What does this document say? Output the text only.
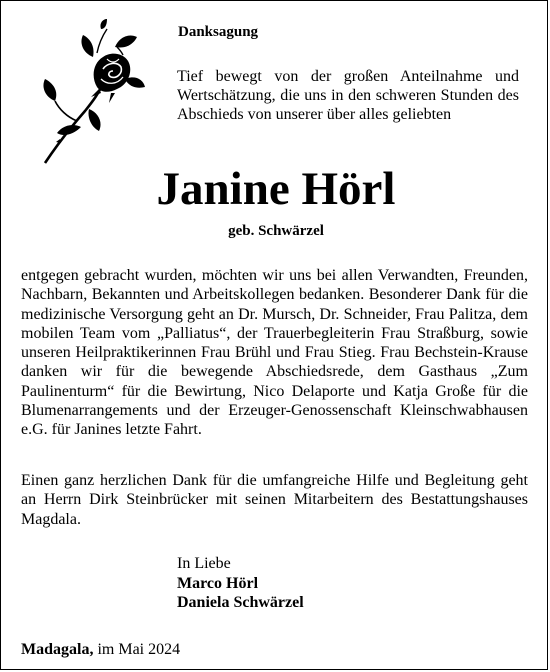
Danksagung

Tief bewegt von der großen Anteilnahme und Wertschätzung, die uns in den schweren Stunden des Abschieds von unserer über alles geliebten

Janine Hörl
geb. Schwärzel

entgegen gebracht wurden, möchten wir uns bei allen Verwandten, Freunden, Nachbarn, Bekannten und Arbeitskollegen bedanken. Besonderer Dank für die medizinische Versorgung geht an Dr. Mursch, Dr. Schneider, Frau Palitza, dem mobilen Team vom „Palliatus“, der Trauerbegleiterin Frau Straßburg, sowie unseren Heilpraktikerinnen Frau Brühl und Frau Stieg. Frau Bechstein-Krause danken wir für die bewegende Abschiedsrede, dem Gasthaus „Zum Paulinenturm“ für die Bewirtung, Nico Delaporte und Katja Große für die Blumenarrangements und der Erzeuger-Genossenschaft Kleinschwabhausen e.G. für Janines letzte Fahrt.

Einen ganz herzlichen Dank für die umfangreiche Hilfe und Begleitung geht an Herrn Dirk Steinbrücker mit seinen Mitarbeitern des Bestattungshauses Magdala.

In Liebe
Marco Hörl
Daniela Schwärzel
Madagala, im Mai 2024
